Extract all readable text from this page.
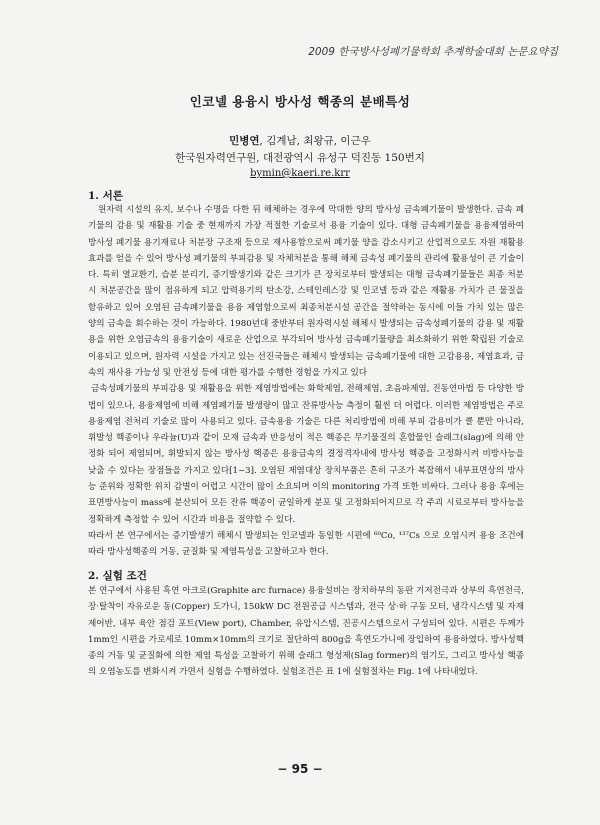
2009 한국방사성폐기물학회 추계학술대회 논문요약집
인코넬 용융시 방사성 핵종의 분배특성
민병연, 김계남, 최왕규, 이근우
한국원자력연구원, 대전광역시 유성구 덕진동 150번지
bymin@kaeri.re.krr
1. 서론

원자력 시설의 유지, 보수나 수명을 다한 뒤 해체하는 경우에 막대한 양의 방사성 금속폐기물이 발생한다. 금속 폐기물의 감용 및 재활용 기술 중 현재까지 가장 적절한 기술로서 용융 기술이 있다. 대형 금속폐기물을 용융제염하여 방사성 폐기물 용기재료나 처분장 구조재 등으로 재사용함으로써 폐기물 양을 감소시키고 산업적으로도 자원 재활용 효과를 얻을 수 있어 방사성 폐기물의 부피감용 및 자체처분을 통해 해체 금속성 폐기물의 관리에 활용성이 큰 기술이다. 특히 열교환기, 습분 분리기, 증기발생기와 같은 크기가 큰 장치로부터 발생되는 대형 금속폐기물들은 최종 처분 시 처분공간을 많이 점유하게 되고 압력용기의 탄소강, 스테인레스강 및 인코넬 등과 같은 재활용 가치가 큰 물질을 함유하고 있어 오염된 금속폐기물을 용융 제염함으로써 최종처분시설 공간을 절약하는 동시에 이들 가치 있는 많은 양의 금속을 회수하는 것이 가능하다. 1980년대 중반부터 원자력시설 해체시 발생되는 금속성폐기물의 감용 및 재활용을 위한 오염금속의 용융기술이 새로운 산업으로 부각되어 방사성 금속폐기물량을 최소화하기 위한 확립된 기술로 이용되고 있으며, 원자력 시설을 가지고 있는 선진국들은 해체시 발생되는 금속폐기물에 대한 고감용용, 제염효과, 금속의 재사용 가능성 및 안전성 등에 대한 평가를 수행한 경험을 가지고 있다

금속성폐기물의 부피감용 및 재활용을 위한 제염방법에는 화학제염, 전해제염, 초음파제염, 진동연마법 등 다양한 방법이 있으나, 용융제염에 비해 제염폐기물 발생량이 많고 잔류방사능 측정이 훨씬 더 어렵다. 이러한 제염방법은 주로 용융제염 전처리 기술로 많이 사용되고 있다. 금속용융 기술은 다른 처리방법에 비해 부피 감용비가 클 뿐만 아니라, 휘발성 핵종이나 우라늄(U)과 같이 모재 금속과 반응성이 적은 핵종은 무기물질의 혼합물인 슬래그(slag)에 의해 안정화 되어 제염되며, 휘발되지 않는 방사성 핵종은 용융금속의 결정격자내에 방사성 핵종을 고정화시켜 비방사능을 낮출 수 있다는 장점들을 가지고 있다[1~3]. 오염된 제염대상 장치부품은 흔히 구조가 복잡해서 내부표면상의 방사능 준위와 정확한 위치 감별이 어렵고 시간이 많이 소요되며 이의 monitoring 가격 또한 비싸다. 그러나 용융 후에는 표면방사능이 mass에 분산되어 모든 잔류 핵종이 균일하게 분포 및 고정화되어지므로 각 주괴 시료로부터 방사능을 정확하게 측정할 수 있어 시간과 비용을 절약할 수 있다.

따라서 본 연구에서는 증기발생기 해체시 발생되는 인코넬과 동일한 시편에 ⁶⁰Co, ¹³⁷Cs 으로 오염시켜 용융 조건에 따라 방사성핵종의 거동, 균질화 및 제염특성을 고찰하고자 한다.

2. 실험 조건

본 연구에서 사용된 흑연 아크로(Graphite arc furnace) 용융설비는 장치하부의 동판 기저전극과 상부의 흑연전극, 장·탈착이 자유로운 동(Copper) 도가니, 150kW DC 전원공급 시스템과, 전극 상·하 구동 모터, 냉각시스템 및 자재 제어반, 내부 육안 점검 포트(View port), Chamber, 유압시스템, 진공시스템으로서 구성되어 있다. 시편은 두께가 1mm인 시편을 가로세로 10mm×10mm의 크기로 절단하여 800g을 흑연도가니에 장입하여 용융하였다. 방사성핵종의 거동 및 균질화에 의한 제염 특성을 고찰하기 위해 슬래그 형성제(Slag former)의 염기도, 그리고 방사성 핵종의 오염농도를 변화시켜 가면서 실험을 수행하였다. 실험조건은 표 1에 실험절차는 Fig. 1에 나타내었다.

− 95 −
